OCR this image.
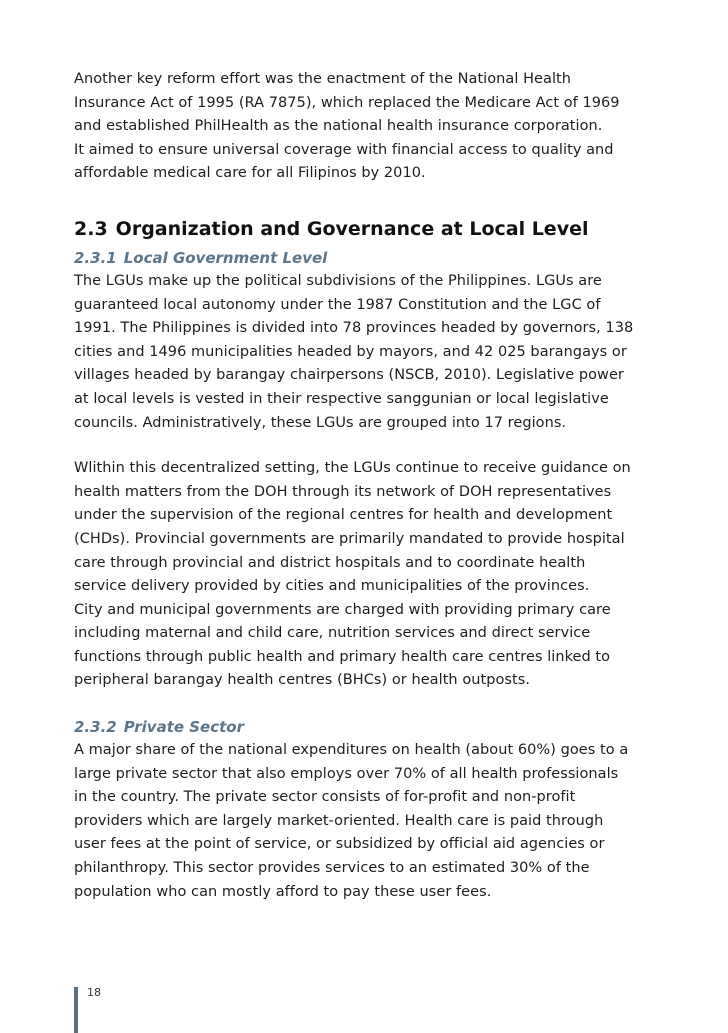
Another key reform effort was the enactment of the National Health
Insurance Act of 1995 (RA 7875), which replaced the Medicare Act of 1969
and established PhilHealth as the national health insurance corporation.
It aimed to ensure universal coverage with financial access to quality and
affordable medical care for all Filipinos by 2010.

2.3 Organization and Governance at Local Level
2.3.1 Local Government Level

The LGUs make up the political subdivisions of the Philippines. LGUs are
guaranteed local autonomy under the 1987 Constitution and the LGC of
1991. The Philippines is divided into 78 provinces headed by governors, 138
cities and 1496 municipalities headed by mayors, and 42 025 barangays or
villages headed by barangay chairpersons (NSCB, 2010). Legislative power
at local levels is vested in their respective sanggunian or local legislative
councils. Administratively, these LGUs are grouped into 17 regions.

Wlithin this decentralized setting, the LGUs continue to receive guidance on
health matters from the DOH through its network of DOH representatives
under the supervision of the regional centres for health and development
(CHDs). Provincial governments are primarily mandated to provide hospital
care through provincial and district hospitals and to coordinate health
service delivery provided by cities and municipalities of the provinces.
City and municipal governments are charged with providing primary care
including maternal and child care, nutrition services and direct service
functions through public health and primary health care centres linked to
peripheral barangay health centres (BHCs) or health outposts.

2.3.2 Private Sector

A major share of the national expenditures on health (about 60%) goes to a
large private sector that also employs over 70% of all health professionals
in the country. The private sector consists of for-profit and non-profit
providers which are largely market-oriented. Health care is paid through
user fees at the point of service, or subsidized by official aid agencies or
philanthropy. This sector provides services to an estimated 30% of the
population who can mostly afford to pay these user fees.

18
